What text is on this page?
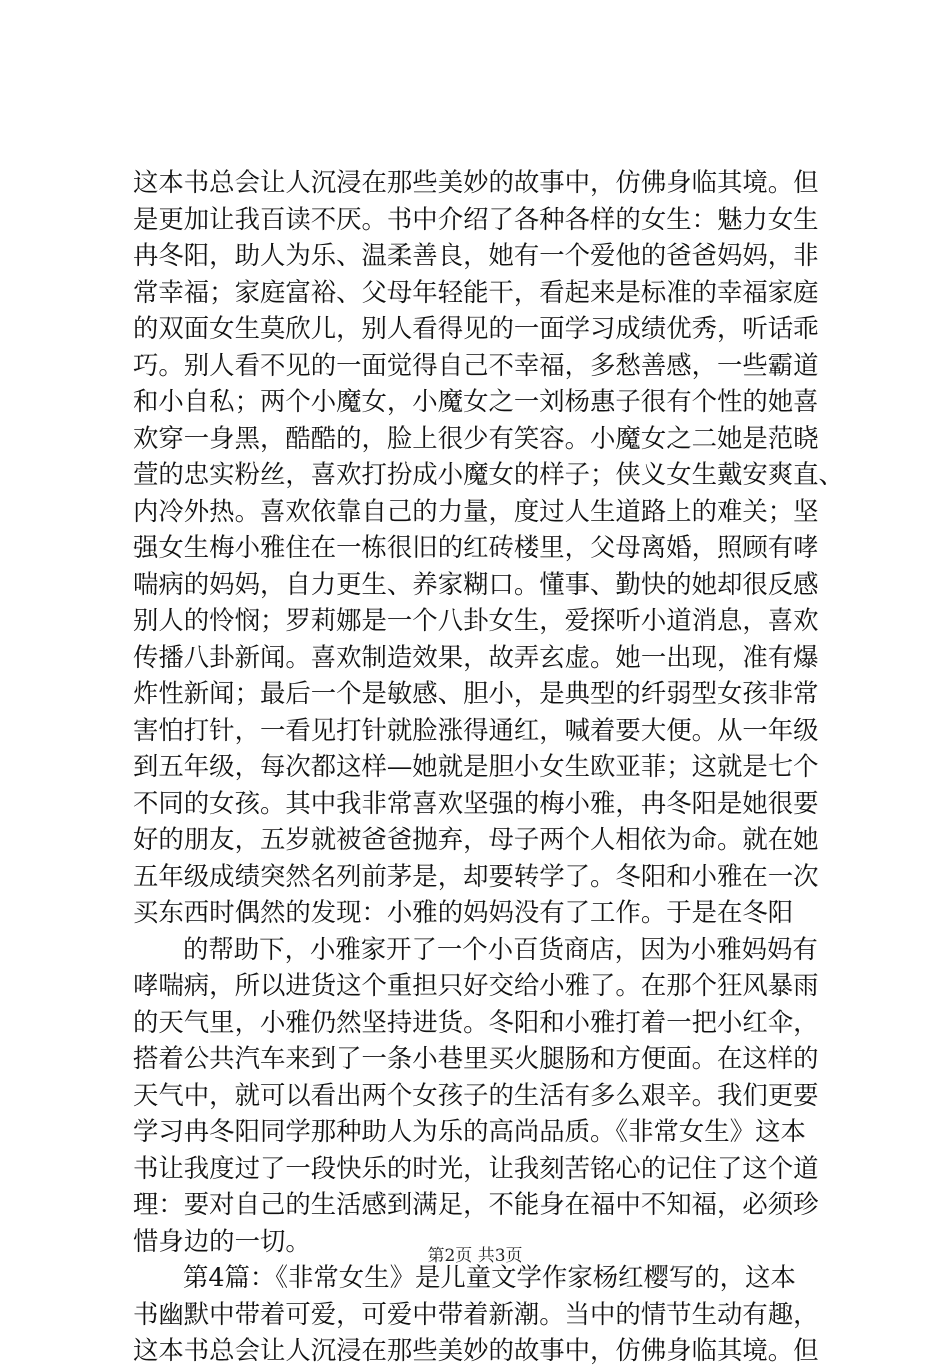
这本书总会让人沉浸在那些美妙的故事中，仿佛身临其境。但
是更加让我百读不厌。书中介绍了各种各样的女生：魅力女生
冉冬阳，助人为乐、温柔善良，她有一个爱他的爸爸妈妈，非
常幸福；家庭富裕、父母年轻能干，看起来是标准的幸福家庭
的双面女生莫欣儿，别人看得见的一面学习成绩优秀，听话乖
巧。别人看不见的一面觉得自己不幸福，多愁善感，一些霸道
和小自私；两个小魔女，小魔女之一刘杨惠子很有个性的她喜
欢穿一身黑，酷酷的，脸上很少有笑容。小魔女之二她是范晓
萱的忠实粉丝，喜欢打扮成小魔女的样子；侠义女生戴安爽直、
内冷外热。喜欢依靠自己的力量，度过人生道路上的难关；坚
强女生梅小雅住在一栋很旧的红砖楼里，父母离婚，照顾有哮
喘病的妈妈，自力更生、养家糊口。懂事、勤快的她却很反感
别人的怜悯；罗莉娜是一个八卦女生，爱探听小道消息，喜欢
传播八卦新闻。喜欢制造效果，故弄玄虚。她一出现，准有爆
炸性新闻；最后一个是敏感、胆小，是典型的纤弱型女孩非常
害怕打针，一看见打针就脸涨得通红，喊着要大便。从一年级
到五年级，每次都这样—她就是胆小女生欧亚菲；这就是七个
不同的女孩。其中我非常喜欢坚强的梅小雅，冉冬阳是她很要
好的朋友，五岁就被爸爸抛弃，母子两个人相依为命。就在她
五年级成绩突然名列前茅是，却要转学了。冬阳和小雅在一次
买东西时偶然的发现：小雅的妈妈没有了工作。于是在冬阳
的帮助下，小雅家开了一个小百货商店，因为小雅妈妈有
哮喘病，所以进货这个重担只好交给小雅了。在那个狂风暴雨
的天气里，小雅仍然坚持进货。冬阳和小雅打着一把小红伞，
搭着公共汽车来到了一条小巷里买火腿肠和方便面。在这样的
天气中，就可以看出两个女孩子的生活有多么艰辛。我们更要
学习冉冬阳同学那种助人为乐的高尚品质。《非常女生》这本
书让我度过了一段快乐的时光，让我刻苦铭心的记住了这个道
理：要对自己的生活感到满足，不能身在福中不知福，必须珍
惜身边的一切。
第4篇：《非常女生》是儿童文学作家杨红樱写的，这本
书幽默中带着可爱，可爱中带着新潮。当中的情节生动有趣，
这本书总会让人沉浸在那些美妙的故事中，仿佛身临其境。但
第2页 共3页
